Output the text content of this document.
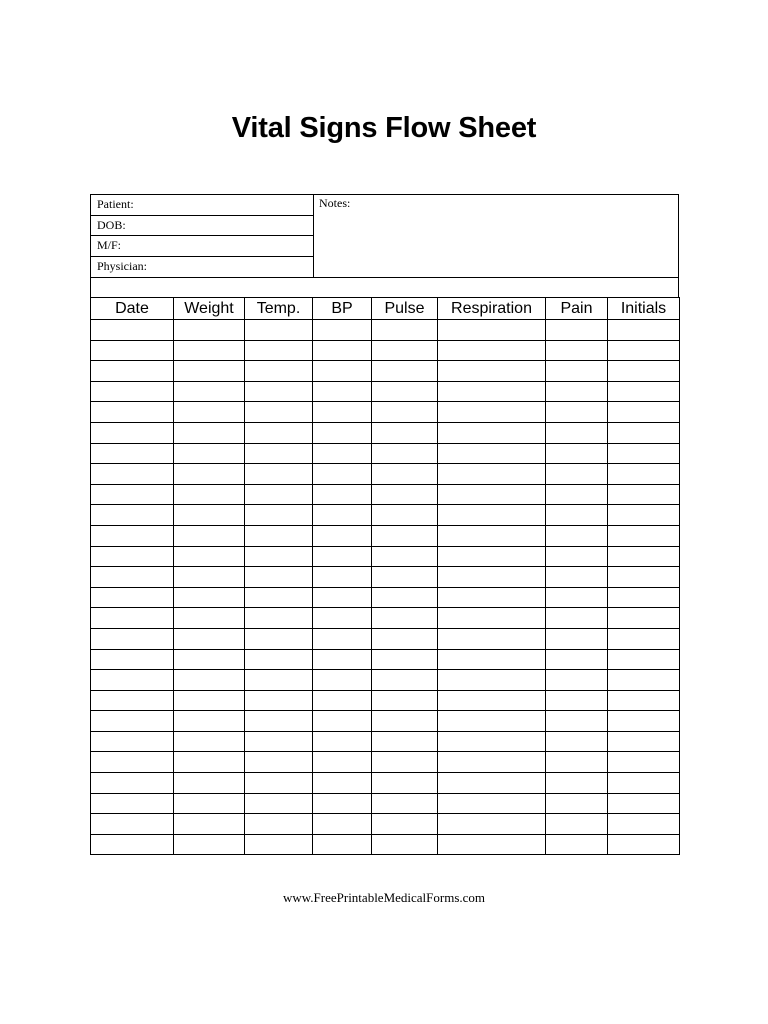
Vital Signs Flow Sheet
Patient:
DOB:
M/F:
Physician:
Notes:
Date	Weight	Temp.	BP	Pulse	Respiration	Pain	Initials

www.FreePrintableMedicalForms.com
